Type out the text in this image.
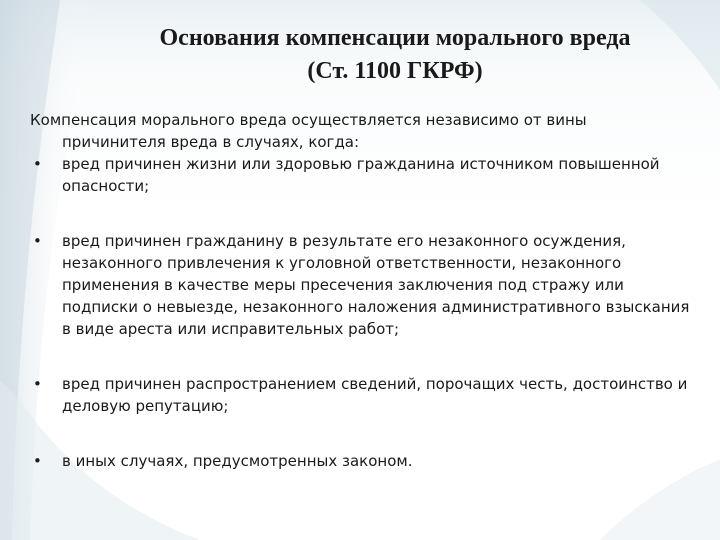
Основания компенсации морального вреда
(Ст. 1100 ГКРФ)

Компенсация морального вреда осуществляется независимо от вины причинителя вреда в случаях, когда:

• вред причинен жизни или здоровью гражданина источником повышенной опасности;

• вред причинен гражданину в результате его незаконного осуждения, незаконного привлечения к уголовной ответственности, незаконного применения в качестве меры пресечения заключения под стражу или подписки о невыезде, незаконного наложения административного взыскания в виде ареста или исправительных работ;

• вред причинен распространением сведений, порочащих честь, достоинство и деловую репутацию;

• в иных случаях, предусмотренных законом.
